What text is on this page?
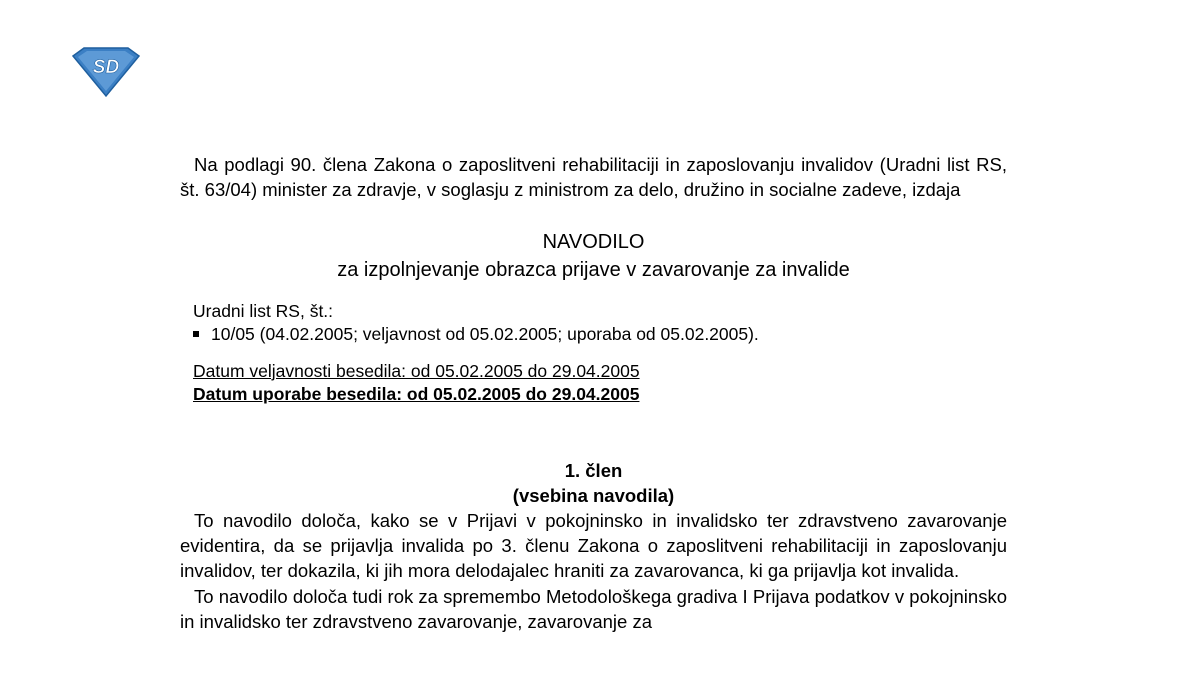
SD

Na podlagi 90. člena Zakona o zaposlitveni rehabilitaciji in zaposlovanju invalidov (Uradni list RS, št. 63/04) minister za zdravje, v soglasju z ministrom za delo, družino in socialne zadeve, izdaja

NAVODILO

za izpolnjevanje obrazca prijave v zavarovanje za invalide

Uradni list RS, št.:
10/05 (04.02.2005; veljavnost od 05.02.2005; uporaba od 05.02.2005).
Datum veljavnosti besedila: od 05.02.2005 do 29.04.2005
Datum uporabe besedila: od 05.02.2005 do 29.04.2005
1. člen
(vsebina navodila)

To navodilo določa, kako se v Prijavi v pokojninsko in invalidsko ter zdravstveno zavarovanje evidentira, da se prijavlja invalida po 3. členu Zakona o zaposlitveni rehabilitaciji in zaposlovanju invalidov, ter dokazila, ki jih mora delodajalec hraniti za zavarovanca, ki ga prijavlja kot invalida.

To navodilo določa tudi rok za spremembo Metodološkega gradiva I Prijava podatkov v pokojninsko in invalidsko ter zdravstveno zavarovanje, zavarovanje za
